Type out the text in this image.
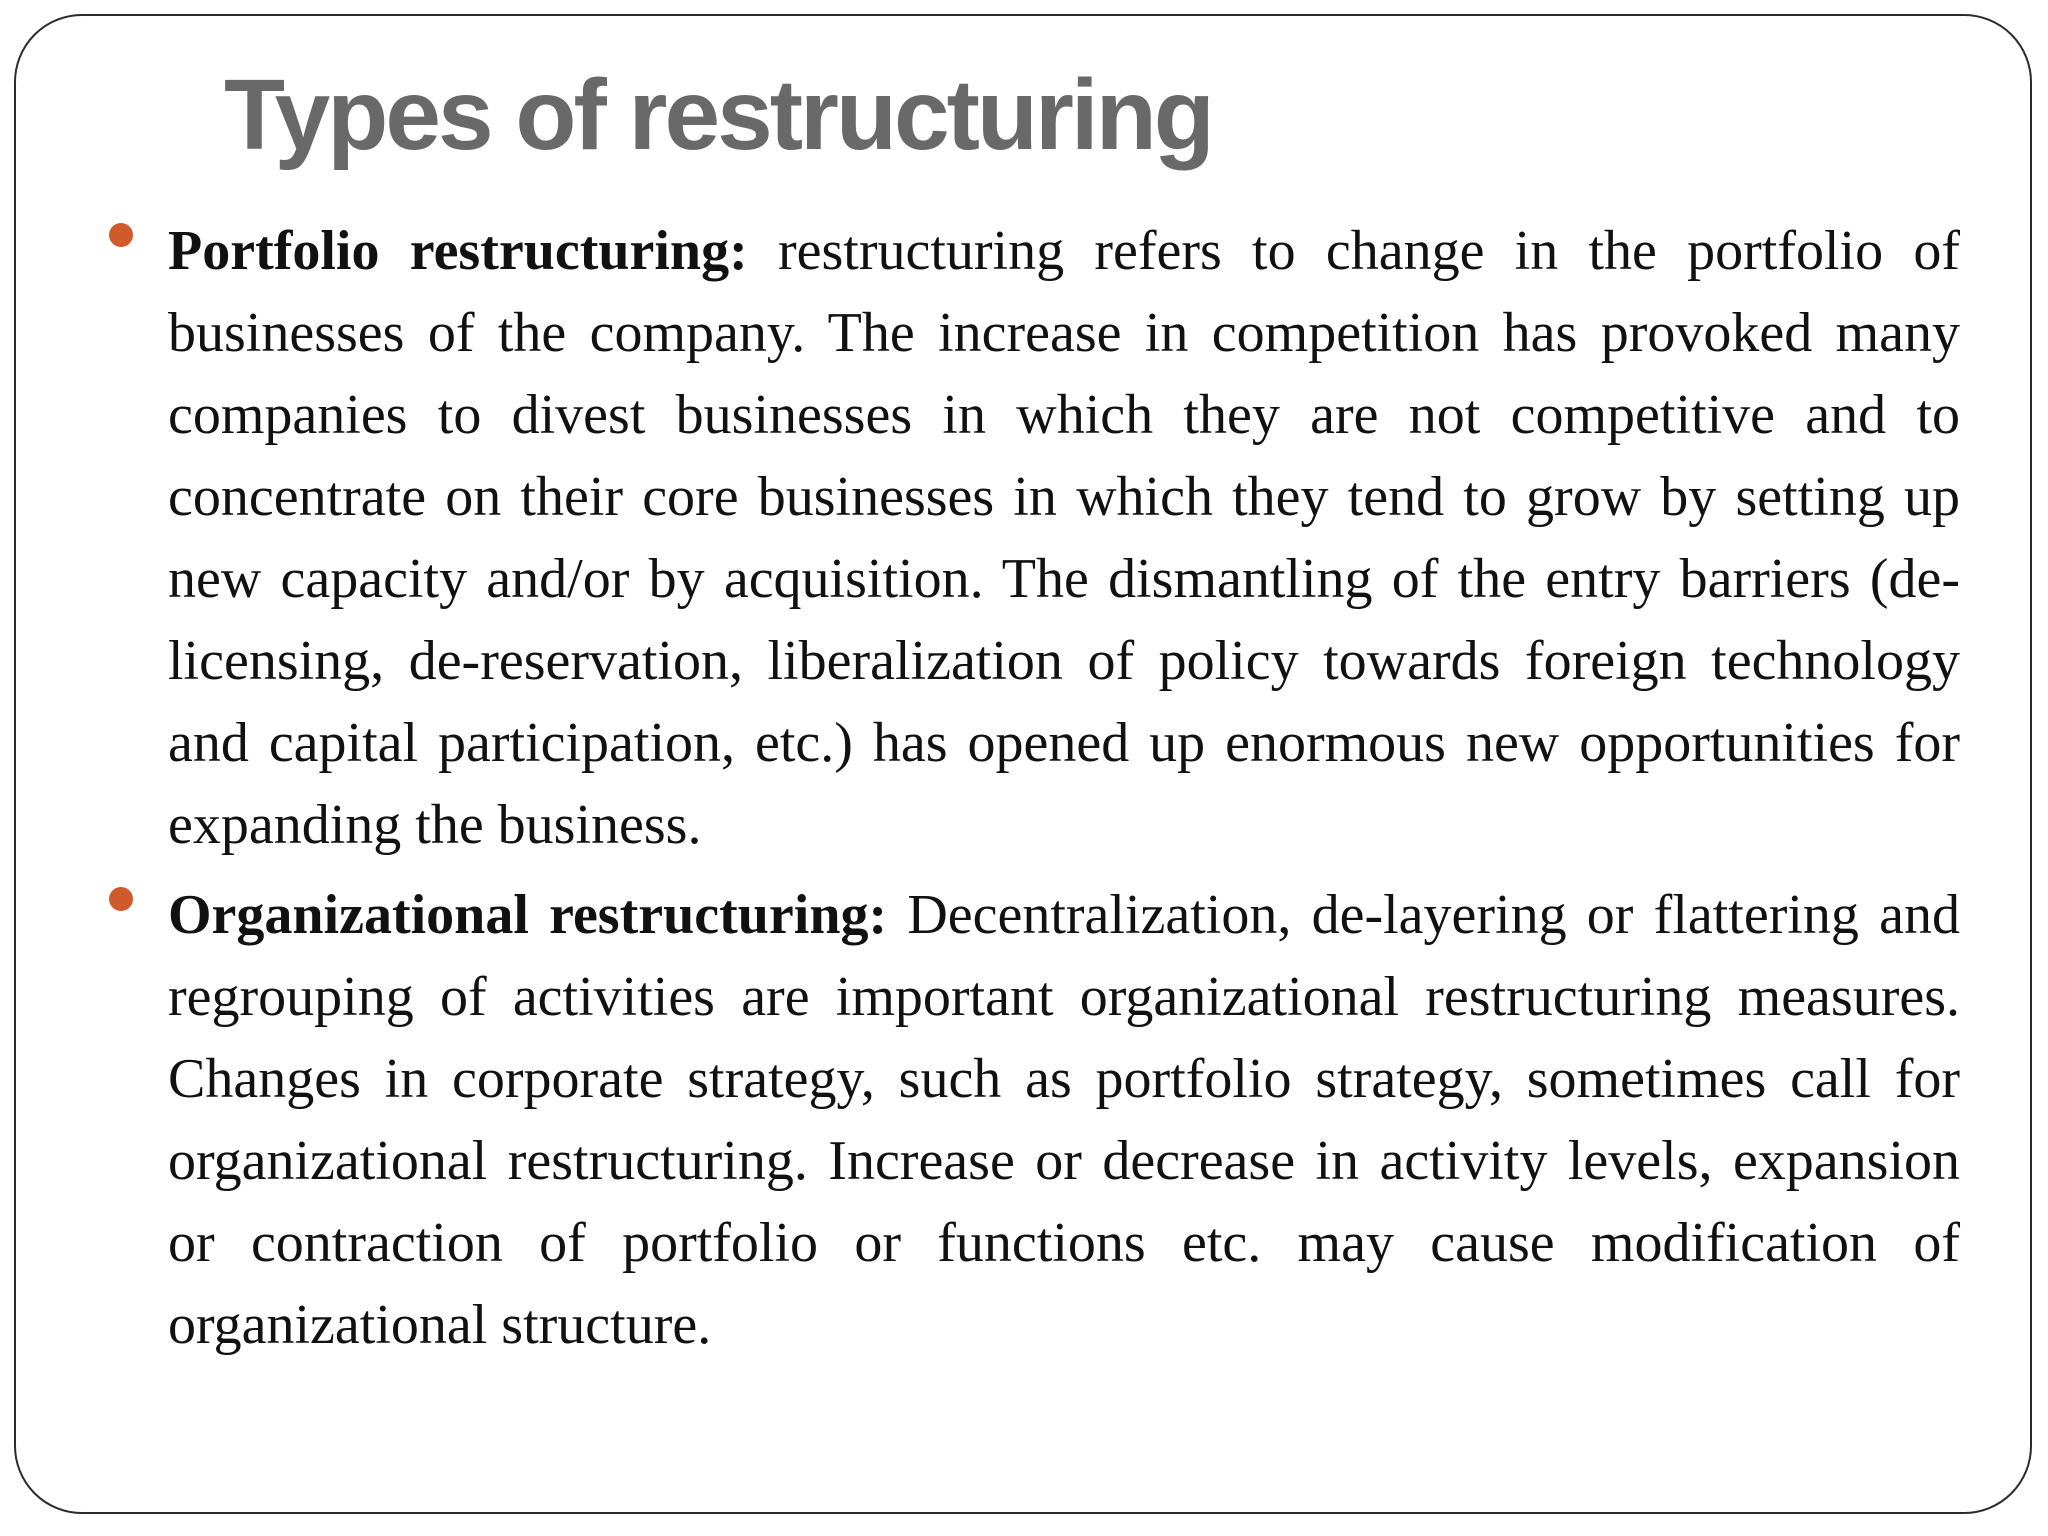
Types of restructuring
Portfolio restructuring: restructuring refers to change in the portfolio of businesses of the company. The increase in competition has provoked many companies to divest businesses in which they are not competitive and to concentrate on their core businesses in which they tend to grow by setting up new capacity and/or by acquisition. The dismantling of the entry barriers (de-licensing, de-reservation, liberalization of policy towards foreign technology and capital participation, etc.) has opened up enormous new opportunities for expanding the business.
Organizational restructuring: Decentralization, de-layering or flattering and regrouping of activities are important organizational restructuring measures. Changes in corporate strategy, such as portfolio strategy, sometimes call for organizational restructuring. Increase or decrease in activity levels, expansion or contraction of portfolio or functions etc. may cause modification of organizational structure.
